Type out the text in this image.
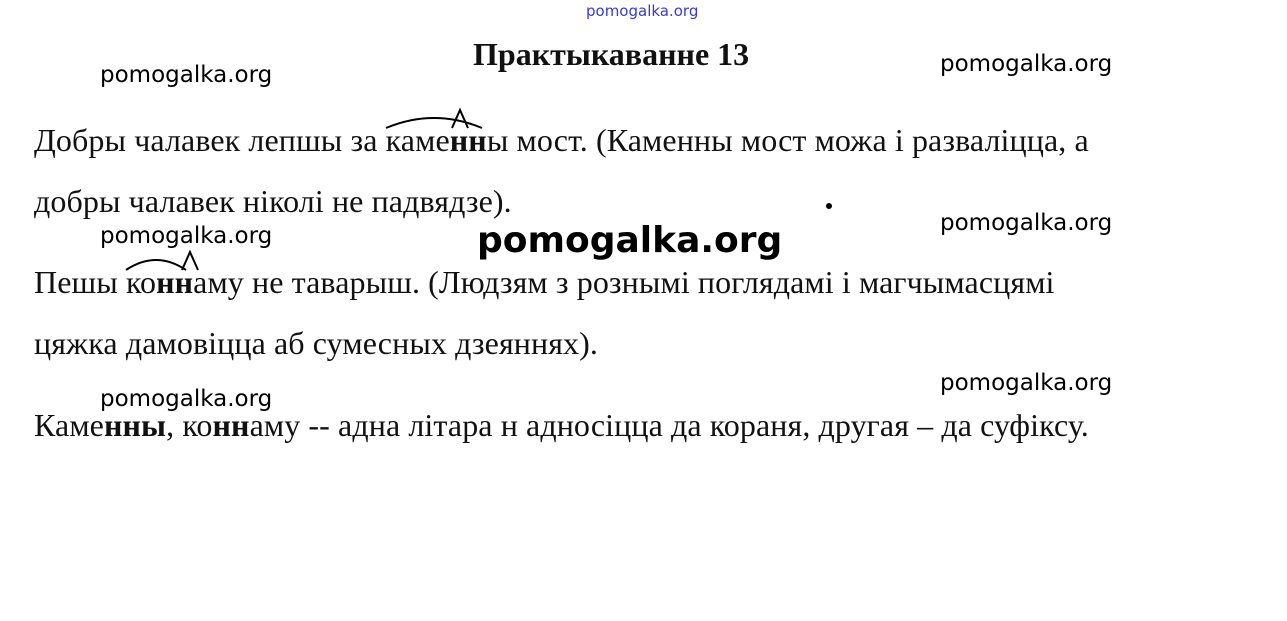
pomogalka.org
Практыкаванне 13
pomogalka.org	pomogalka.org
Добры чалавек лепшы за каменн
ы мост. (Каменны мост можа і разваліцца, а
добры чалавек ніколі не падвядзе).
pomogalka.org	pomogalka.org
pomogalka.org
Пешы конн
аму не таварыш. (Людзям з рознымі поглядамі і магчымасцямі
цяжка дамовіцца аб сумесных дзеяннях).
pomogalka.org
pomogalka.org
Каменны, коннаму -- адна літара н адносіцца да кораня, другая – да суфіксу.
